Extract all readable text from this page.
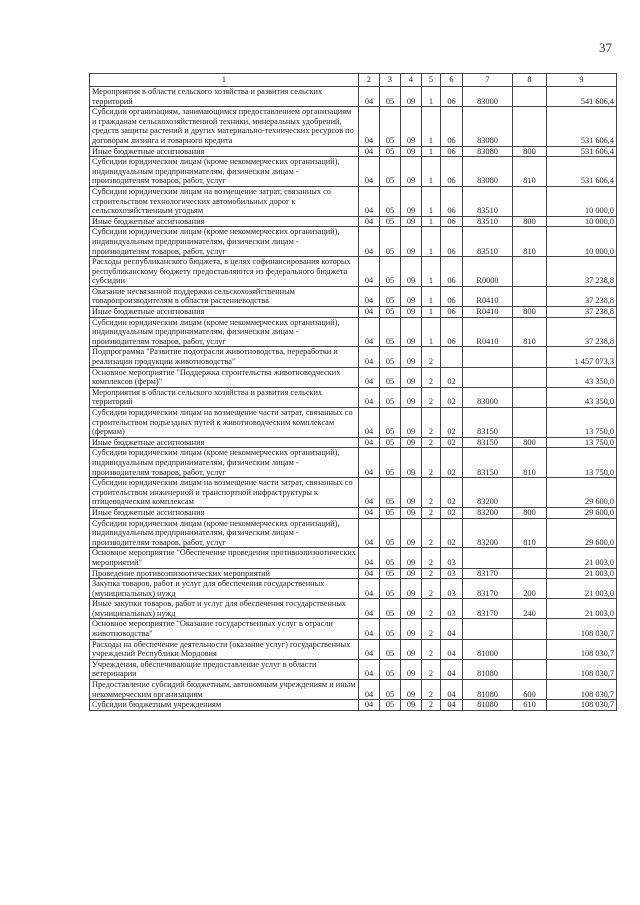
37
1	2	3	4	5	6	7	8	9
Мероприятия в области сельского хозяйства и развития сельских территорий	04	05	09	1	06	83000		541 606,4
Субсидии организациям, занимающимся предоставлением организациям и гражданам сельскохозяйственной техники, минеральных удобрений, средств защиты растений и других материально-технических ресурсов по договорам лизинга и товарного кредита	04	05	09	1	06	83080		531 606,4
Иные бюджетные ассигнования	04	05	09	1	06	83080	800	531 606,4
Субсидии юридическим лицам (кроме некоммерческих организаций), индивидуальным предпринимателям, физическим лицам - производителям товаров, работ, услуг	04	05	09	1	06	83080	810	531 606,4
Субсидии юридическим лицам на возмещение затрат, связанных со строительством технологических автомобильных дорог к сельскохозяйственным угодьям	04	05	09	1	06	83510		10 000,0
Иные бюджетные ассигнования	04	05	09	1	06	83510	800	10 000,0
Субсидии юридическим лицам (кроме некоммерческих организаций), индивидуальным предпринимателям, физическим лицам - производителям товаров, работ, услуг	04	05	09	1	06	83510	810	10 000,0
Расходы республиканского бюджета, в целях софинансирования которых республиканскому бюджету предоставляются из федерального бюджета субсидии	04	05	09	1	06	R0000		37 238,8
Оказание несвязанной поддержки сельскохозяйственным товаропроизводителям в области растениеводства	04	05	09	1	06	R0410		37 238,8
Иные бюджетные ассигнования	04	05	09	1	06	R0410	800	37 238,8
Субсидии юридическим лицам (кроме некоммерческих организаций), индивидуальным предпринимателям, физическим лицам - производителям товаров, работ, услуг	04	05	09	1	06	R0410	810	37 238,8
Подпрограмма "Развитие подотрасли животноводства, переработки и реализации продукции животноводства"	04	05	09	2				1 457 073,3
Основное мероприятие "Поддержка строительства животноводческих комплексов (ферм)"	04	05	09	2	02			43 350,0
Мероприятия в области сельского хозяйства и развития сельских территорий	04	05	09	2	02	83000		43 350,0
Субсидии юридическим лицам на возмещение части затрат, связанных со строительством подъездных путей к животноводческим комплексам (фермам)	04	05	09	2	02	83150		13 750,0
Иные бюджетные ассигнования	04	05	09	2	02	83150	800	13 750,0
Субсидии юридическим лицам (кроме некоммерческих организаций), индивидуальным предпринимателям, физическим лицам - производителям товаров, работ, услуг	04	05	09	2	02	83150	810	13 750,0
Субсидии юридическим лицам на возмещение части затрат, связанных со строительством инженерной и транспортной инфраструктуры к птицеводческим комплексам	04	05	09	2	02	83200		29 600,0
Иные бюджетные ассигнования	04	05	09	2	02	83200	800	29 600,0
Субсидии юридическим лицам (кроме некоммерческих организаций), индивидуальным предпринимателям, физическим лицам - производителям товаров, работ, услуг	04	05	09	2	02	83200	810	29 600,0
Основное мероприятие "Обеспечение проведения противоэпизоотических мероприятий"	04	05	09	2	03			21 003,0
Проведение противоэпизоотических мероприятий	04	05	09	2	03	83170		21 003,0
Закупка товаров, работ и услуг для обеспечения государственных (муниципальных) нужд	04	05	09	2	03	83170	200	21 003,0
Иные закупки товаров, работ и услуг для обеспечения государственных (муниципальных) нужд	04	05	09	2	03	83170	240	21 003,0
Основное мероприятие "Оказание государственных услуг в отрасли животноводства"	04	05	09	2	04			108 030,7
Расходы на обеспечение деятельности (оказание услуг) государственных учреждений Республики Мордовия	04	05	09	2	04	81000		108 030,7
Учреждения, обеспечивающие предоставление услуг в области ветеринарии	04	05	09	2	04	81080		108 030,7
Предоставление субсидий бюджетным, автономным учреждениям и иным некоммерческим организациям	04	05	09	2	04	81080	600	108 030,7
Субсидии бюджетным учреждениям	04	05	09	2	04	81080	610	108 030,7
